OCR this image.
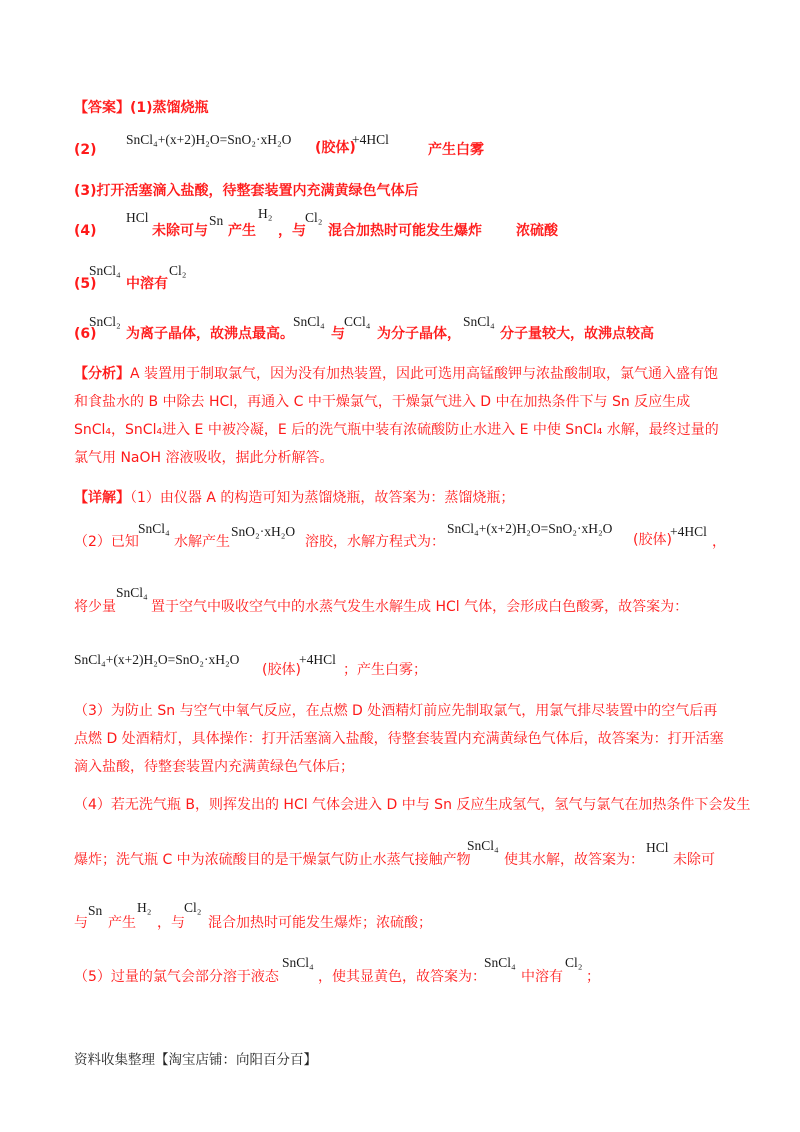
【答案】(1)蒸馏烧瓶
(2)
SnCl₄+(x+2)H₂O=SnO₂·xH₂O
(胶体)
+4HCl
产生白雾
(3)打开活塞滴入盐酸，待整套装置内充满黄绿色气体后
(4)
HCl
未除可与
Sn
产生
H₂
，与
Cl₂
混合加热时可能发生爆炸 浓硫酸
(5)
SnCl₄
中溶有
Cl₂
(6)
SnCl₂
为离子晶体，故沸点最高。
SnCl₄
与
CCl₄
为分子晶体，
SnCl₄
分子量较大，故沸点较高
【分析】A 装置用于制取氯气，因为没有加热装置，因此可选用高锰酸钾与浓盐酸制取，氯气通入盛有饱和食盐水的 B 中除去 HCl，再通入 C 中干燥氯气，干燥氯气进入 D 中在加热条件下与 Sn 反应生成 SnCl₄，SnCl₄进入 E 中被冷凝，E 后的洗气瓶中装有浓硫酸防止水进入 E 中使 SnCl₄ 水解，最终过量的氯气用 NaOH 溶液吸收，据此分析解答。
【详解】（1）由仪器 A 的构造可知为蒸馏烧瓶，故答案为：蒸馏烧瓶；
（2）已知
SnCl₄
水解产生
SnO₂·xH₂O
溶胶，水解方程式为：
SnCl₄+(x+2)H₂O=SnO₂·xH₂O
(胶体)
+4HCl
，
将少量
SnCl₄
置于空气中吸收空气中的水蒸气发生水解生成 HCl 气体，会形成白色酸雾，故答案为：
SnCl₄+(x+2)H₂O=SnO₂·xH₂O
(胶体)
+4HCl
；产生白雾；
（3）为防止 Sn 与空气中氧气反应，在点燃 D 处酒精灯前应先制取氯气，用氯气排尽装置中的空气后再点燃 D 处酒精灯，具体操作：打开活塞滴入盐酸，待整套装置内充满黄绿色气体后，故答案为：打开活塞滴入盐酸，待整套装置内充满黄绿色气体后；
（4）若无洗气瓶 B，则挥发出的 HCl 气体会进入 D 中与 Sn 反应生成氢气，氢气与氯气在加热条件下会发生
爆炸；洗气瓶 C 中为浓硫酸目的是干燥氯气防止水蒸气接触产物
SnCl₄
使其水解，故答案为：
HCl
未除可
与
Sn
产生
H₂
，与
Cl₂
混合加热时可能发生爆炸；浓硫酸；
（5）过量的氯气会部分溶于液态
SnCl₄
，使其显黄色，故答案为：
SnCl₄
中溶有
Cl₂
；
资料收集整理【淘宝店铺：向阳百分百】
